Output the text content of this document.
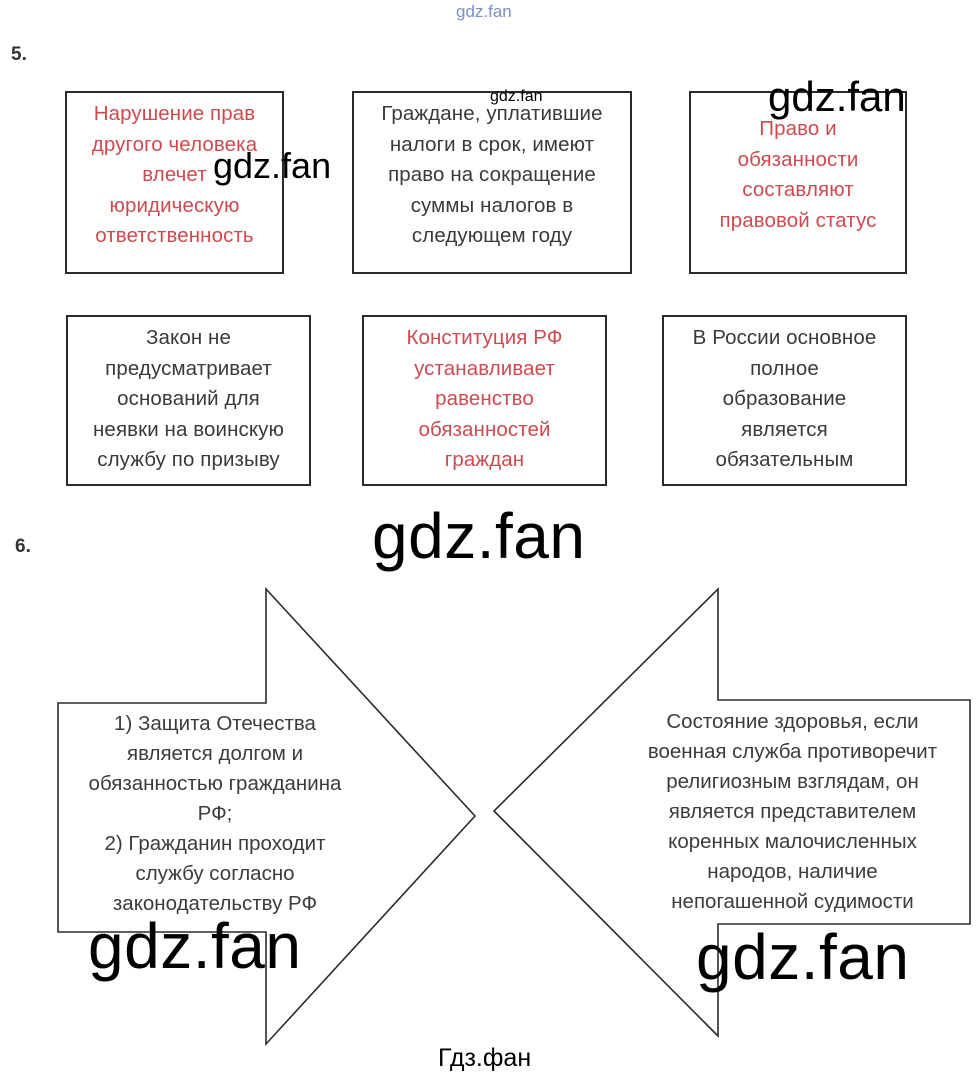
gdz.fan
5.
Нарушение прав
другого человека
влечет
юридическую
ответственность
Граждане, уплатившие
налоги в срок, имеют
право на сокращение
суммы налогов в
следующем году
Право и
обязанности
составляют
правовой статус
Закон не
предусматривает
оснований для
неявки на воинскую
службу по призыву
Конституция РФ
устанавливает
равенство
обязанностей
граждан
В России основное
полное
образование
является
обязательным
gdz.fan
gdz.fan	gdz.fan
gdz.fan
6.
1) Защита Отечества
является долгом и
обязанностью гражданина
РФ;
2) Гражданин проходит
службу согласно
законодательству РФ
Состояние здоровья, если
военная служба противоречит
религиозным взглядам, он
является представителем
коренных малочисленных
народов, наличие
непогашенной судимости
gdz.fan	gdz.fan
Гдз.фан
